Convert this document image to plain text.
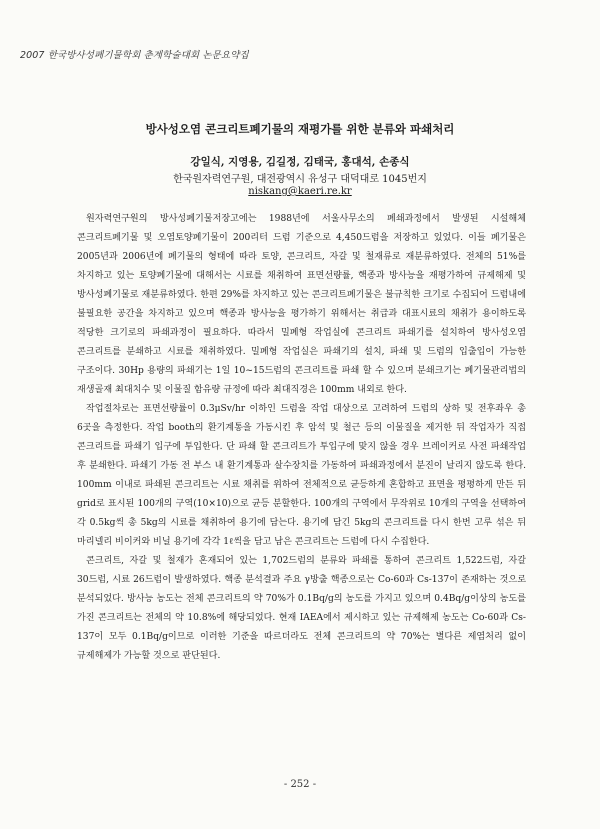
2007 한국방사성폐기물학회 춘계학술대회 논문요약집
방사성오염 콘크리트폐기물의 재평가를 위한 분류와 파쇄처리
강일식, 지영용, 김길정, 김태국, 홍대석, 손종식
한국원자력연구원, 대전광역시 유성구 대덕대로 1045번지
niskang@kaeri.re.kr

원자력연구원의 방사성폐기물저장고에는 1988년에 서울사무소의 폐쇄과정에서 발생된 시설해체 콘크리트폐기물 및 오염토양폐기물이 200리터 드럼 기준으로 4,450드럼을 저장하고 있었다. 이들 폐기물은 2005년과 2006년에 폐기물의 형태에 따라 토양, 콘크리트, 자갈 및 철재류로 재분류하였다. 전체의 51%를 차지하고 있는 토양폐기물에 대해서는 시료를 채취하여 표면선량률, 핵종과 방사능을 재평가하여 규제해제 및 방사성폐기물로 재분류하였다. 한편 29%를 차지하고 있는 콘크리트폐기물은 불규칙한 크기로 수집되어 드럼내에 불필요한 공간을 차지하고 있으며 핵종과 방사능을 평가하기 위해서는 취급과 대표시료의 채취가 용이하도록 적당한 크기로의 파쇄과정이 필요하다. 따라서 밀폐형 작업실에 콘크리트 파쇄기를 설치하여 방사성오염 콘크리트를 분쇄하고 시료를 채취하였다. 밀폐형 작업실은 파쇄기의 설치, 파쇄 및 드럼의 입출입이 가능한 구조이다. 30Hp 용량의 파쇄기는 1일 10~15드럼의 콘크리트를 파쇄 할 수 있으며 분쇄크기는 폐기물관리법의 재생골재 최대치수 및 이물질 함유량 규정에 따라 최대직경은 100mm 내외로 한다.

작업절차로는 표면선량률이 0.3μSv/hr 이하인 드럼을 작업 대상으로 고려하여 드럼의 상하 및 전후좌우 총 6곳을 측정한다. 작업 booth의 환기계통을 가동시킨 후 암석 및 철근 등의 이물질을 제거한 뒤 작업자가 직접 콘크리트를 파쇄기 입구에 투입한다. 단 파쇄 할 콘크리트가 투입구에 맞지 않을 경우 브레이커로 사전 파쇄작업 후 분쇄한다. 파쇄기 가동 전 부스 내 환기계통과 살수장치를 가동하여 파쇄과정에서 분진이 날리지 않도록 한다. 100mm 이내로 파쇄된 콘크리트는 시료 채취를 위하여 전체적으로 균등하게 혼합하고 표면을 평평하게 만든 뒤 grid로 표시된 100개의 구역(10×10)으로 균등 분할한다. 100개의 구역에서 무작위로 10개의 구역을 선택하여 각 0.5kg씩 총 5kg의 시료를 채취하여 용기에 담는다. 용기에 담긴 5kg의 콘크리트를 다시 한번 고루 섞은 뒤 마리넬리 비이커와 비닐 용기에 각각 1ℓ씩을 담고 남은 콘크리트는 드럼에 다시 수집한다.

콘크리트, 자갈 및 철재가 혼재되어 있는 1,702드럼의 분류와 파쇄를 통하여 콘크리트 1,522드럼, 자갈 30드럼, 시료 26드럼이 발생하였다. 핵종 분석결과 주요 γ방출 핵종으로는 Co-60과 Cs-137이 존재하는 것으로 분석되었다. 방사능 농도는 전체 콘크리트의 약 70%가 0.1Bq/g의 농도를 가지고 있으며 0.4Bq/g이상의 농도를 가진 콘크리트는 전체의 약 10.8%에 해당되었다. 현재 IAEA에서 제시하고 있는 규제해제 농도는 Co-60과 Cs-137이 모두 0.1Bq/g이므로 이러한 기준을 따르더라도 전체 콘크리트의 약 70%는 별다른 제염처리 없이 규제해제가 가능할 것으로 판단된다.

- 252 -
